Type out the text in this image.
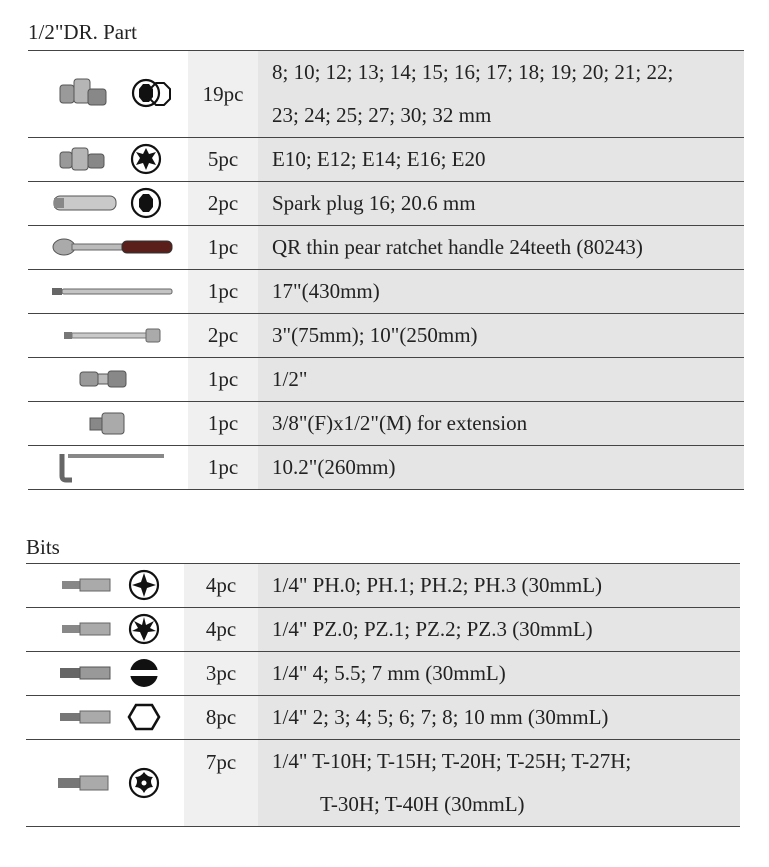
1/2"DR. Part
	19pc	8; 10; 12; 13; 14; 15; 16; 17; 18; 19; 20; 21; 22;
23; 24; 25; 27; 30; 32 mm

	5pc	E10; E12; E14; E16; E20

	2pc	Spark plug 16; 20.6 mm

	1pc	QR thin pear ratchet handle 24teeth (80243)

	1pc	17"(430mm)

	2pc	3"(75mm); 10"(250mm)

	1pc	1/2"

	1pc	3/8"(F)x1/2"(M) for extension

	1pc	10.2"(260mm)
Bits
	4pc	1/4" PH.0; PH.1; PH.2; PH.3 (30mmL)

	4pc	1/4" PZ.0; PZ.1; PZ.2; PZ.3 (30mmL)

	3pc	1/4" 4; 5.5; 7 mm (30mmL)

	8pc	1/4" 2; 3; 4; 5; 6; 7; 8; 10 mm (30mmL)

	7pc	1/4" T-10H; T-15H; T-20H; T-25H; T-27H;
T-30H; T-40H (30mmL)
